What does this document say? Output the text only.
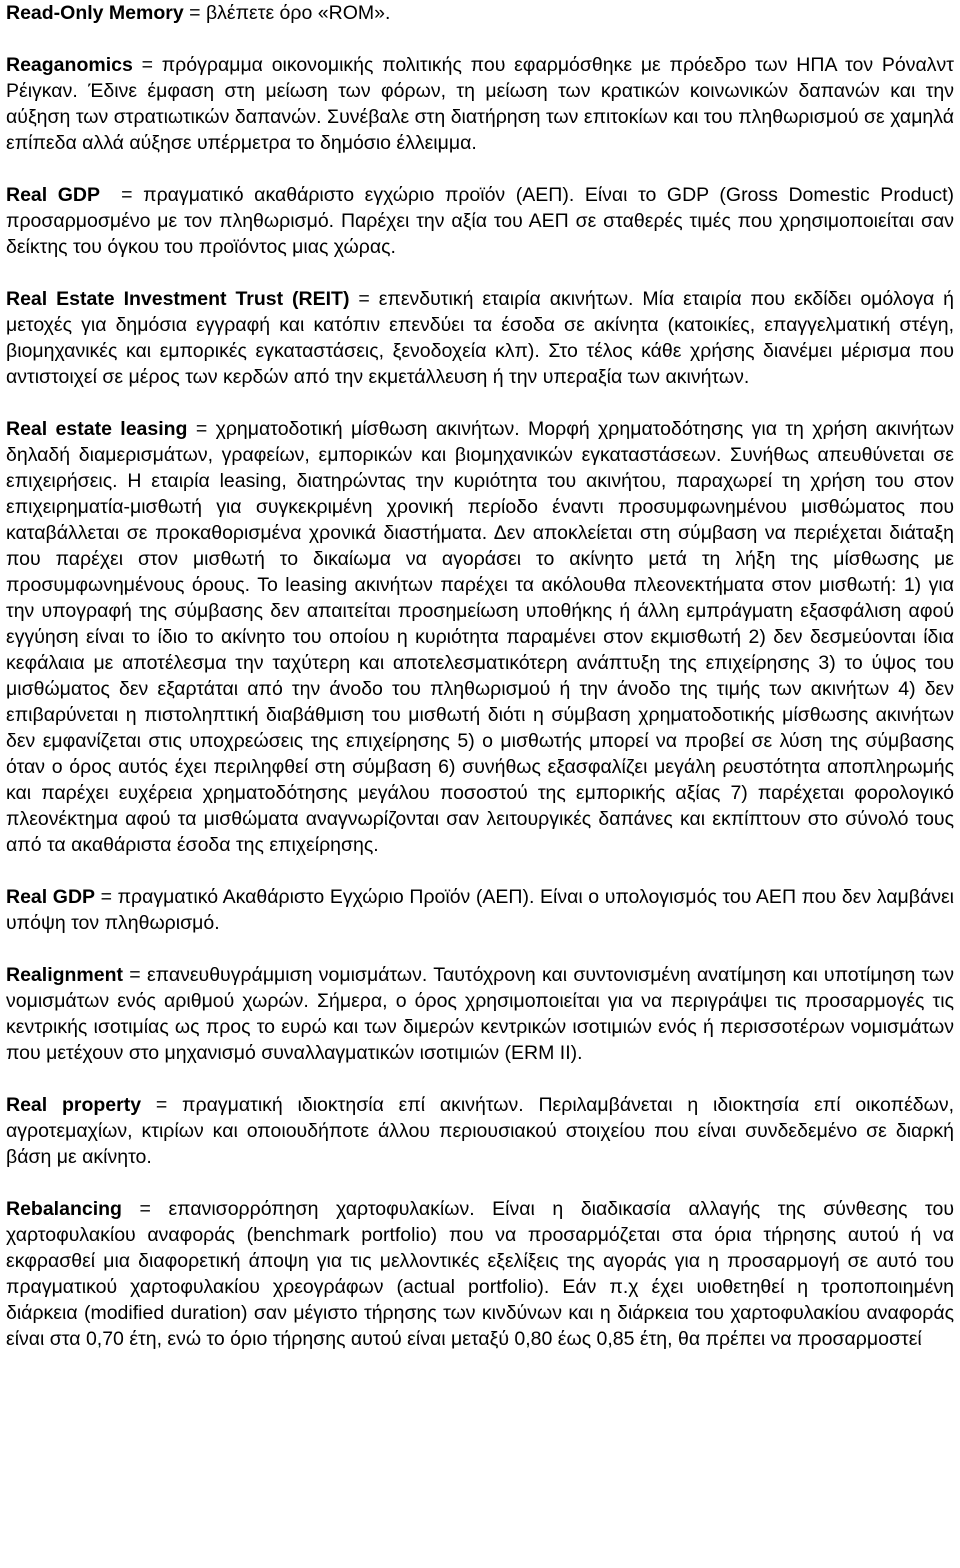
Read-Only Memory = βλέπετε όρο «ROM».

Reaganomics = πρόγραμμα οικονομικής πολιτικής που εφαρμόσθηκε με πρόεδρο των ΗΠΑ τον Ρόναλντ Ρέιγκαν. Έδινε έμφαση στη μείωση των φόρων, τη μείωση των κρατικών κοινωνικών δαπανών και την αύξηση των στρατιωτικών δαπανών. Συνέβαλε στη διατήρηση των επιτοκίων και του πληθωρισμού σε χαμηλά επίπεδα αλλά αύξησε υπέρμετρα το δημόσιο έλλειμμα.

Real GDP  = πραγματικό ακαθάριστο εγχώριο προϊόν (ΑΕΠ). Είναι το GDP (Gross Domestic Product) προσαρμοσμένο με τον πληθωρισμό. Παρέχει την αξία του ΑΕΠ σε σταθερές τιμές που χρησιμοποιείται σαν δείκτης του όγκου του προϊόντος μιας χώρας.

Real Estate Investment Trust (REIT) = επενδυτική εταιρία ακινήτων. Μία εταιρία που εκδίδει ομόλογα ή μετοχές για δημόσια εγγραφή και κατόπιν επενδύει τα έσοδα σε ακίνητα (κατοικίες, επαγγελματική στέγη, βιομηχανικές και εμπορικές εγκαταστάσεις, ξενοδοχεία κλπ). Στο τέλος κάθε χρήσης διανέμει μέρισμα που αντιστοιχεί σε μέρος των κερδών από την εκμετάλλευση ή την υπεραξία των ακινήτων.

Real estate leasing = χρηματοδοτική μίσθωση ακινήτων. Μορφή χρηματοδότησης για τη χρήση ακινήτων δηλαδή διαμερισμάτων, γραφείων, εμπορικών και βιομηχανικών εγκαταστάσεων. Συνήθως απευθύνεται σε επιχειρήσεις. Η εταιρία leasing, διατηρώντας την κυριότητα του ακινήτου, παραχωρεί τη χρήση του στον επιχειρηματία-μισθωτή για συγκεκριμένη χρονική περίοδο έναντι προσυμφωνημένου μισθώματος που καταβάλλεται σε προκαθορισμένα χρονικά διαστήματα. Δεν αποκλείεται στη σύμβαση να περιέχεται διάταξη που παρέχει στον μισθωτή το δικαίωμα να αγοράσει το ακίνητο μετά τη λήξη της μίσθωσης με προσυμφωνημένους όρους. Το leasing ακινήτων παρέχει τα ακόλουθα πλεονεκτήματα στον μισθωτή: 1) για την υπογραφή της σύμβασης δεν απαιτείται προσημείωση υποθήκης ή άλλη εμπράγματη εξασφάλιση αφού εγγύηση είναι το ίδιο το ακίνητο του οποίου η κυριότητα παραμένει στον εκμισθωτή 2) δεν δεσμεύονται ίδια κεφάλαια με αποτέλεσμα την ταχύτερη και αποτελεσματικότερη ανάπτυξη της επιχείρησης 3) το ύψος του μισθώματος δεν εξαρτάται από την άνοδο του πληθωρισμού ή την άνοδο της τιμής των ακινήτων 4) δεν επιβαρύνεται η πιστοληπτική διαβάθμιση του μισθωτή διότι η σύμβαση χρηματοδοτικής μίσθωσης ακινήτων δεν εμφανίζεται στις υποχρεώσεις της επιχείρησης 5) ο μισθωτής μπορεί να προβεί σε λύση της σύμβασης όταν ο όρος αυτός έχει περιληφθεί στη σύμβαση 6) συνήθως εξασφαλίζει μεγάλη ρευστότητα αποπληρωμής και παρέχει ευχέρεια χρηματοδότησης μεγάλου ποσοστού της εμπορικής αξίας 7) παρέχεται φορολογικό πλεονέκτημα αφού τα μισθώματα αναγνωρίζονται σαν λειτουργικές δαπάνες και εκπίπτουν στο σύνολό τους από τα ακαθάριστα έσοδα της επιχείρησης.

Real GDP = πραγματικό Ακαθάριστο Εγχώριο Προϊόν (ΑΕΠ). Είναι ο υπολογισμός του ΑΕΠ που δεν λαμβάνει υπόψη τον πληθωρισμό.

Realignment = επανευθυγράμμιση νομισμάτων. Ταυτόχρονη και συντονισμένη ανατίμηση και υποτίμηση των νομισμάτων ενός αριθμού χωρών. Σήμερα, ο όρος χρησιμοποιείται για να περιγράψει τις προσαρμογές τις κεντρικής ισοτιμίας ως προς το ευρώ και των διμερών κεντρικών ισοτιμιών ενός ή περισσοτέρων νομισμάτων που μετέχουν στο μηχανισμό συναλλαγματικών ισοτιμιών (ERM II).

Real property = πραγματική ιδιοκτησία επί ακινήτων. Περιλαμβάνεται η ιδιοκτησία επί οικοπέδων, αγροτεμαχίων, κτιρίων και οποιουδήποτε άλλου περιουσιακού στοιχείου που είναι συνδεδεμένο σε διαρκή βάση με ακίνητο.

Rebalancing = επανισορρόπηση χαρτοφυλακίων. Είναι η διαδικασία αλλαγής της σύνθεσης του χαρτοφυλακίου αναφοράς (benchmark portfolio) που να προσαρμόζεται στα όρια τήρησης αυτού ή να εκφρασθεί μια διαφορετική άποψη για τις μελλοντικές εξελίξεις της αγοράς για η προσαρμογή σε αυτό του πραγματικού χαρτοφυλακίου χρεογράφων (actual portfolio). Εάν π.χ έχει υιοθετηθεί η τροποποιημένη διάρκεια (modified duration) σαν μέγιστο τήρησης των κινδύνων και η διάρκεια του χαρτοφυλακίου αναφοράς είναι στα 0,70 έτη, ενώ το όριο τήρησης αυτού είναι μεταξύ 0,80 έως 0,85 έτη, θα πρέπει να προσαρμοστεί
